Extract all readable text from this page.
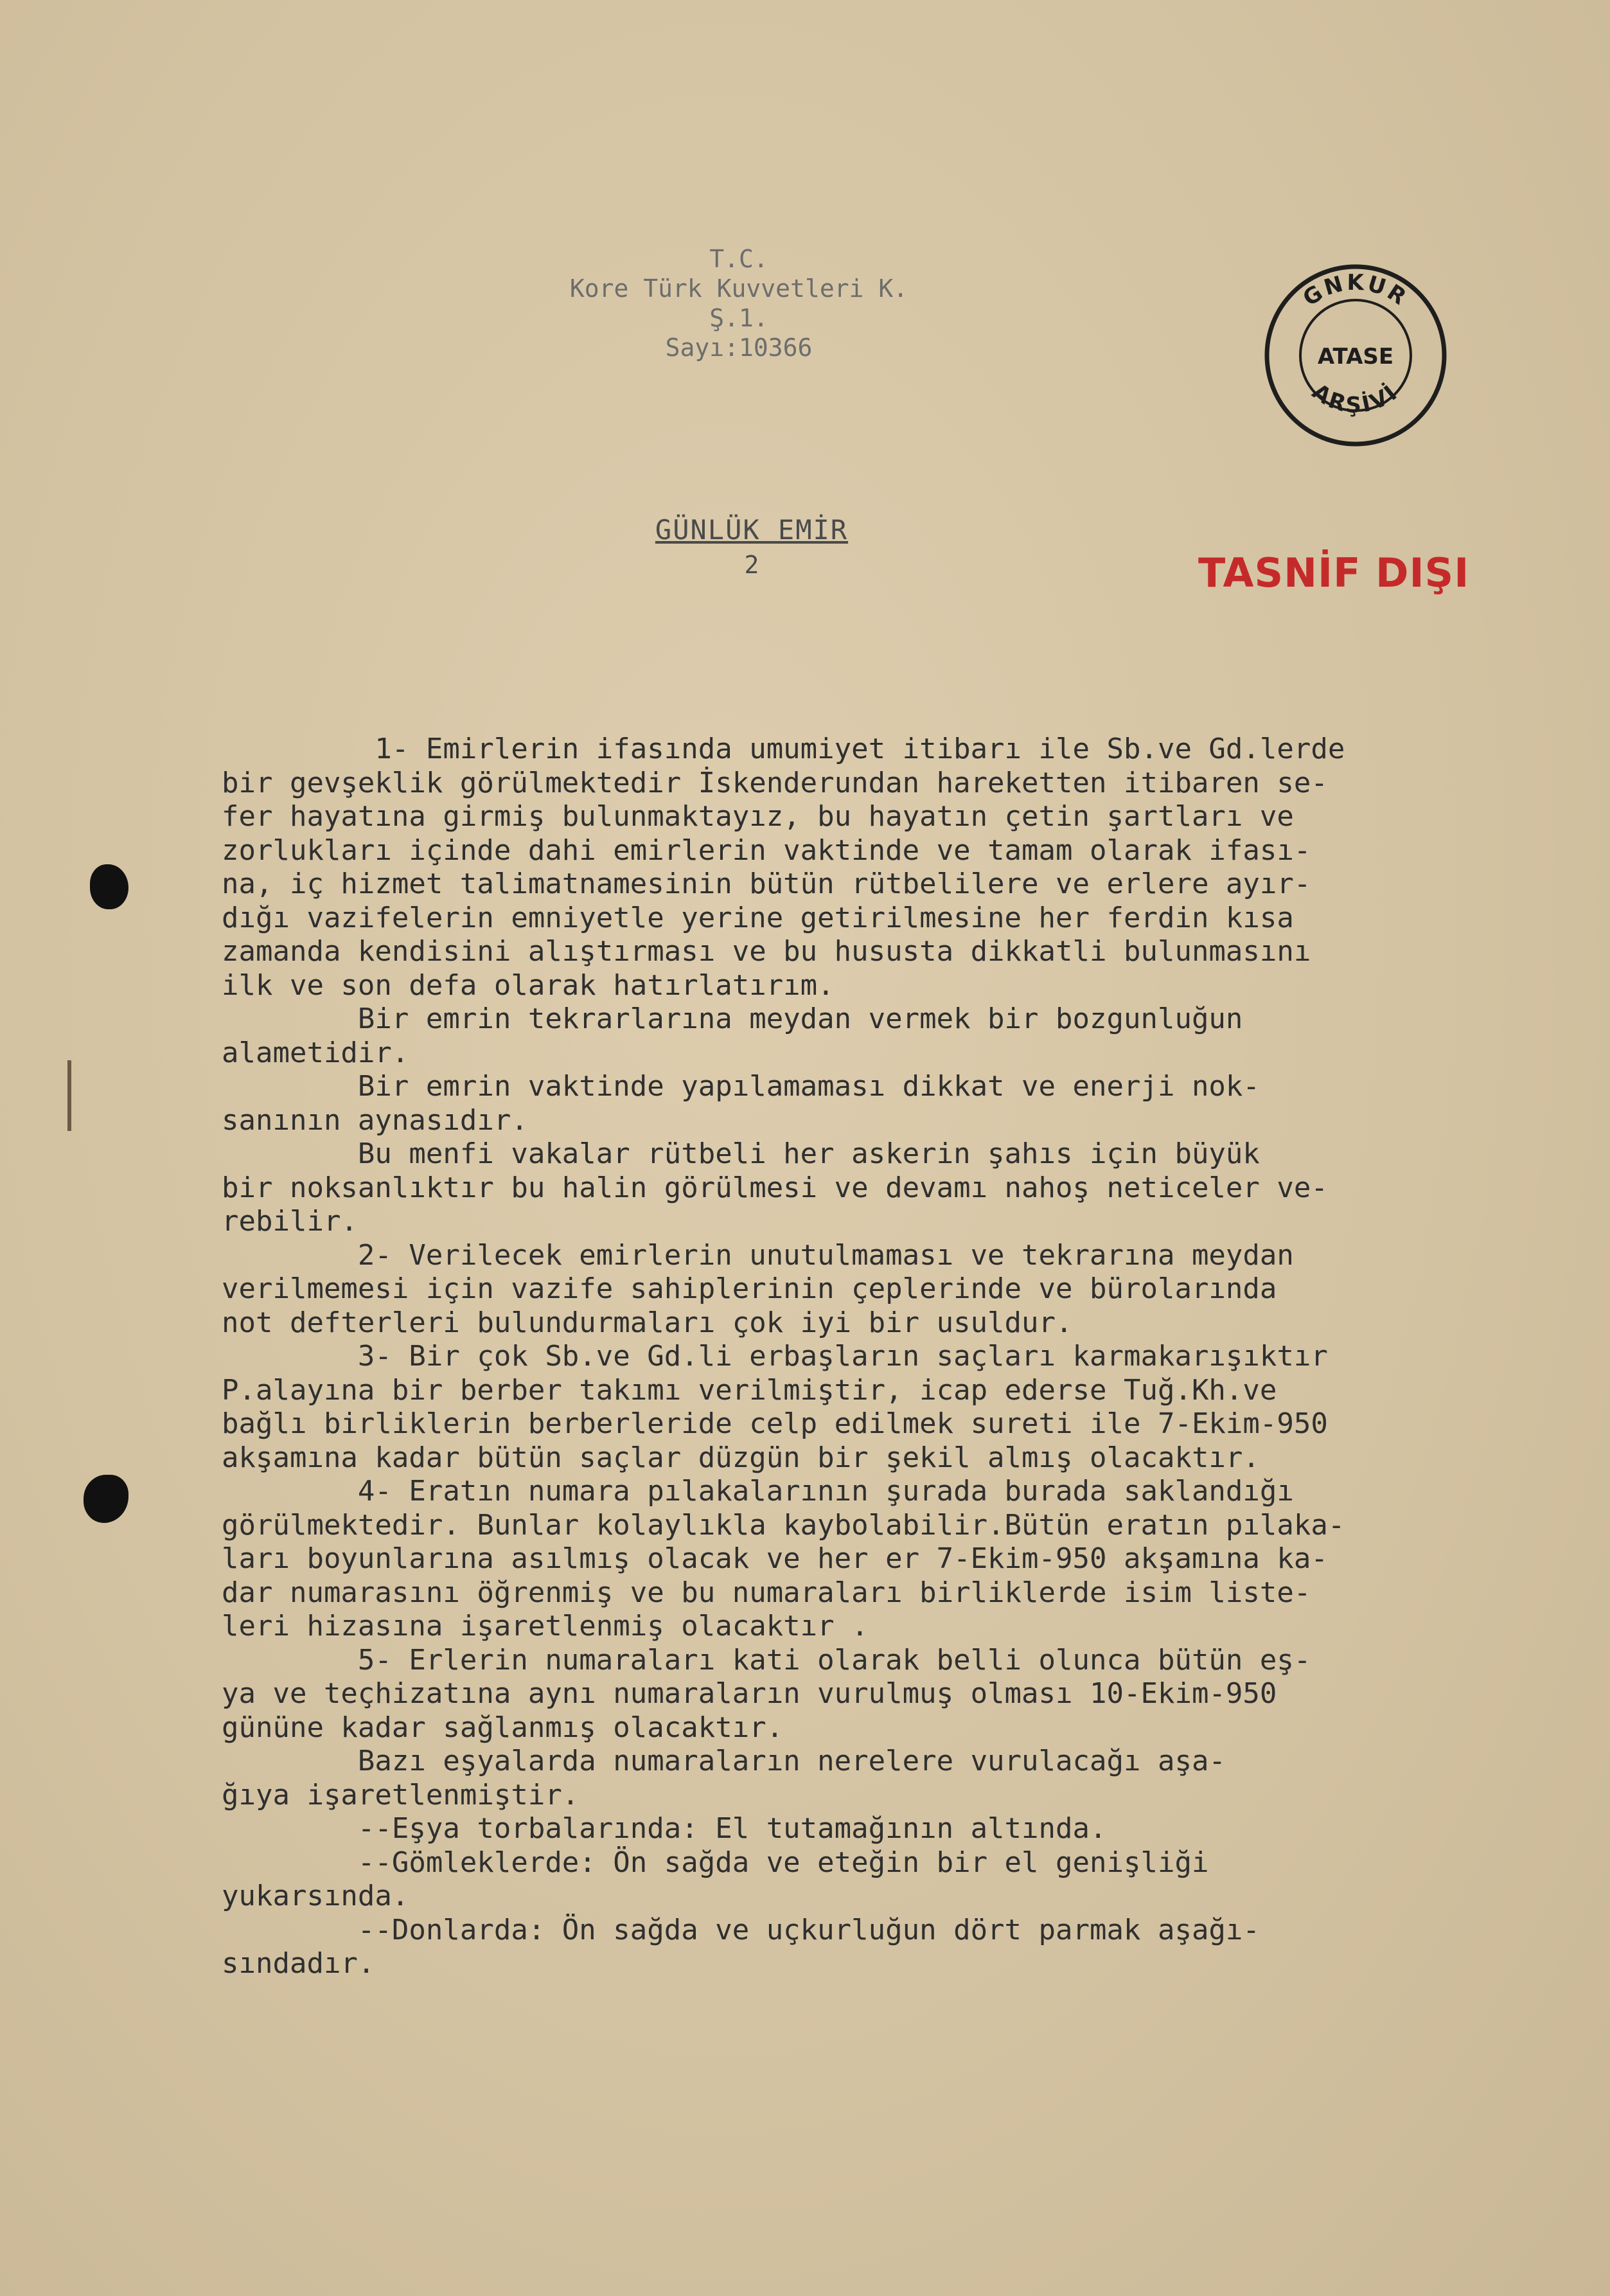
T.C.
Kore Türk Kuvvetleri K.
Ş.1.
Sayı:10366
GNKUR
ATASE
ARŞİVİ
GÜNLÜK EMİR
2	TASNİF DIŞI
1- Emirlerin ifasında umumiyet itibarı ile Sb.ve Gd.lerde
bir gevşeklik görülmektedir İskenderundan hareketten itibaren se-
fer hayatına girmiş bulunmaktayız, bu hayatın çetin şartları ve
zorlukları içinde dahi emirlerin vaktinde ve tamam olarak ifası-
na, iç hizmet talimatnamesinin bütün rütbelilere ve erlere ayır-
dığı vazifelerin emniyetle yerine getirilmesine her ferdin kısa
zamanda kendisini alıştırması ve bu hususta dikkatli bulunmasını
ilk ve son defa olarak hatırlatırım.
Bir emrin tekrarlarına meydan vermek bir bozgunluğun
alametidir.
Bir emrin vaktinde yapılamaması dikkat ve enerji nok-
sanının aynasıdır.
Bu menfi vakalar rütbeli her askerin şahıs için büyük
bir noksanlıktır bu halin görülmesi ve devamı nahoş neticeler ve-
rebilir.
2- Verilecek emirlerin unutulmaması ve tekrarına meydan
verilmemesi için vazife sahiplerinin çeplerinde ve bürolarında
not defterleri bulundurmaları çok iyi bir usuldur.
3- Bir çok Sb.ve Gd.li erbaşların saçları karmakarışıktır
P.alayına bir berber takımı verilmiştir, icap ederse Tuğ.Kh.ve
bağlı birliklerin berberleride celp edilmek sureti ile 7-Ekim-950
akşamına kadar bütün saçlar düzgün bir şekil almış olacaktır.
4- Eratın numara pılakalarının şurada burada saklandığı
görülmektedir. Bunlar kolaylıkla kaybolabilir.Bütün eratın pılaka-
ları boyunlarına asılmış olacak ve her er 7-Ekim-950 akşamına ka-
dar numarasını öğrenmiş ve bu numaraları birliklerde isim liste-
leri hizasına işaretlenmiş olacaktır .
5- Erlerin numaraları kati olarak belli olunca bütün eş-
ya ve teçhizatına aynı numaraların vurulmuş olması 10-Ekim-950
gününe kadar sağlanmış olacaktır.
Bazı eşyalarda numaraların nerelere vurulacağı aşa-
ğıya işaretlenmiştir.
--Eşya torbalarında: El tutamağının altında.
--Gömleklerde: Ön sağda ve eteğin bir el genişliği
yukarsında.
--Donlarda: Ön sağda ve uçkurluğun dört parmak aşağı-
sındadır.
